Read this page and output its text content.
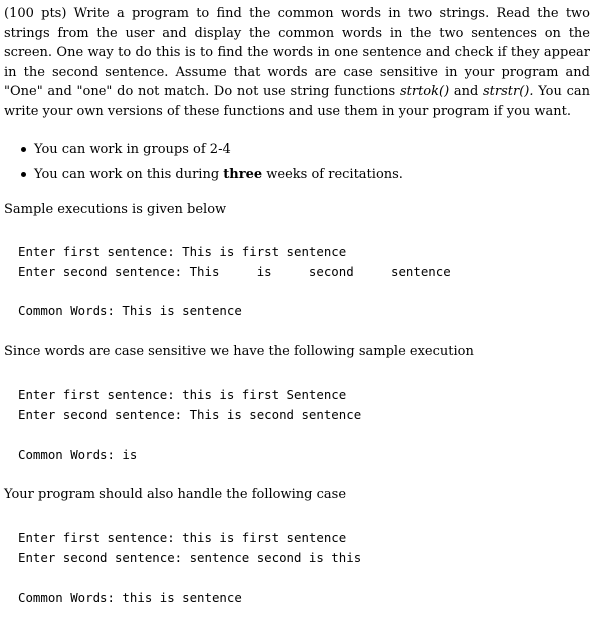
(100 pts) Write a program to find the common words in two strings. Read the two strings from the user and display the common words in the two sentences on the screen. One way to do this is to find the words in one sentence and check if they appear in the second sentence. Assume that words are case sensitive in your program and "One" and "one" do not match. Do not use string functions strtok() and strstr(). You can write your own versions of these functions and use them in your program if you want.

You can work in groups of 2-4
You can work on this during three weeks of recitations.
Sample executions is given below
Enter first sentence: This is first sentence
Enter second sentence: This     is     second     sentence
Common Words: This is sentence
Since words are case sensitive we have the following sample execution
Enter first sentence: this is first Sentence
Enter second sentence: This is second sentence
Common Words: is
Your program should also handle the following case
Enter first sentence: this is first sentence
Enter second sentence: sentence second is this
Common Words: this is sentence
